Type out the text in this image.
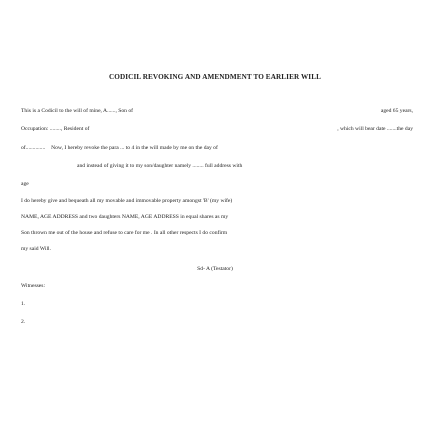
CODICIL REVOKING AND AMENDMENT TO EARLIER WILL
This is a Codicil to the will of mine, A......, Son of	aged 65 years,
Occupation: ........, Resident of	, which will bear date .......the day
of.............. Now, I hereby revoke the para ... to 4 in the will made by me on the day of
and instead of giving it to my son/daughter namely ........ full address with
age
I do hereby give and bequeath all my movable and immovable property amongst 'B' (my wife)
NAME, AGE ADDRESS and two daughters NAME, AGE ADDRESS in equal shares as my
Son thrown me out of the house and refuse to care for me . In all other respects I do confirm
my said Will.
Sd- A (Testator)
Witnesses:
1.
2.
